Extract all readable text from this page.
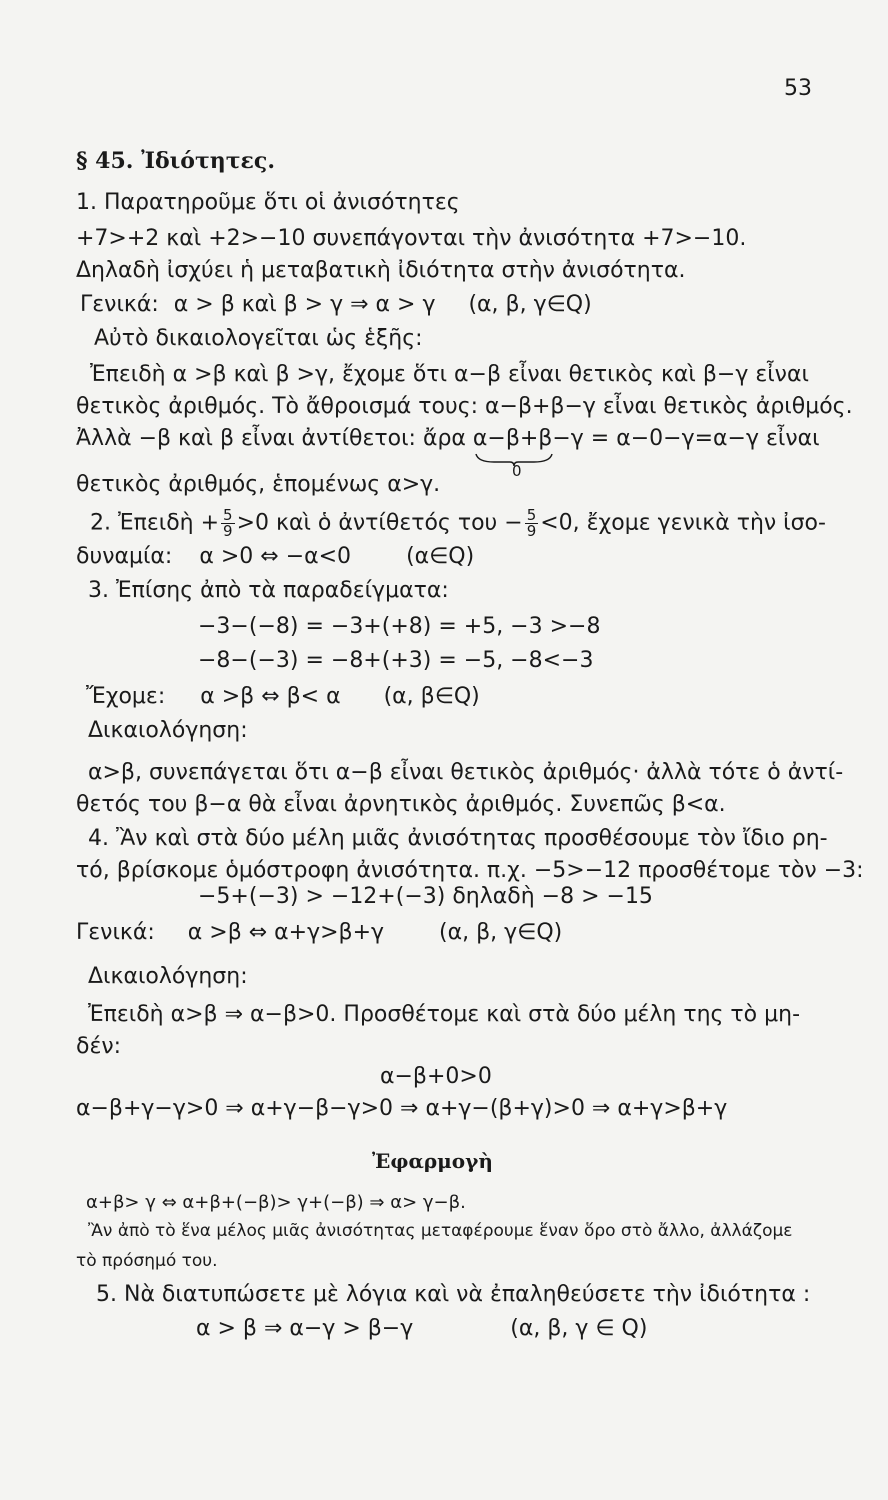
53
§ 45. Ἰδιότητες.
1. Παρατηροῦμε ὅτι οἱ ἀνισότητες
+7>+2 καὶ +2>−10 συνεπάγονται τὴν ἀνισότητα +7>−10.
Δηλαδὴ ἰσχύει ἡ μεταβατικὴ ἰδιότητα στὴν ἀνισότητα.
Γενικά: α > β καὶ β > γ ⇒ α > γ (α, β, γ∈Q)
Αὐτὸ δικαιολογεῖται ὡς ἑξῆς:
Ἐπειδὴ α >β καὶ β >γ, ἔχομε ὅτι α−β εἶναι θετικὸς καὶ β−γ εἶναι
θετικὸς ἀριθμός. Τὸ ἄθροισμά τους: α−β+β−γ εἶναι θετικὸς ἀριθμός.
Ἀλλὰ −β καὶ β εἶναι ἀντίθετοι: ἄρα α−β+β−γ = α−0−γ=α−γ εἶναι
0
θετικὸς ἀριθμός, ἑπομένως α>γ.
2. Ἐπειδὴ + $\frac{5}{9} >0$ καὶ ὁ ἀντίθετός $\tau o\upsilon - \frac{5}{9} <0$, ἔχομε γενικὰ τὴν ἰσο-
δυναμία: α >0 ⇔ −α<0	(α∈Q)
3. Ἐπίσης ἀπὸ τὰ παραδείγματα:
−3−(−8) = −3+(+8) = +5, −3 >−8
−8−(−3) = −8+(+3) = −5, −8<−3
Ἔχομε: α >β ⇔ β< α (α, β∈Q)
Δικαιολόγηση:
α>β, συνεπάγεται ὅτι α−β εἶναι θετικὸς ἀριθμός· ἀλλὰ τότε ὁ ἀντί-
θετός του β−α θὰ εἶναι ἀρνητικὸς ἀριθμός. Συνεπῶς β<α.
4. Ἂν καὶ στὰ δύο μέλη μιᾶς ἀνισότητας προσθέσουμε τὸν ἴδιο ρη-
τό, βρίσκομε ὁμόστροφη ἀνισότητα. π.χ. −5>−12 προσθέτομε τὸν −3:
−5+(−3) > −12+(−3) δηλαδὴ −8 > −15
Γενικά: α >β ⇔ α+γ>β+γ	(α, β, γ∈Q)
Δικαιολόγηση:
Ἐπειδὴ α>β ⇒ α−β>0. Προσθέτομε καὶ στὰ δύο μέλη της τὸ μη-
δέν:
α−β+0>0
α−β+γ−γ>0 ⇒ α+γ−β−γ>0 ⇒ α+γ−(β+γ)>0 ⇒ α+γ>β+γ
Ἐφαρμογὴ
α+β> γ ⇔ α+β+(−β)> γ+(−β) ⇒ α> γ−β.
Ἂν ἀπὸ τὸ ἕνα μέλος μιᾶς ἀνισότητας μεταφέρουμε ἕναν ὅρο στὸ ἄλλο, ἀλλάζομε
τὸ πρόσημό του.
5. Νὰ διατυπώσετε μὲ λόγια καὶ νὰ ἐπαληθεύσετε τὴν ἰδιότητα :
α > β ⇒ α−γ > β−γ	(α, β, γ ∈ Q)
